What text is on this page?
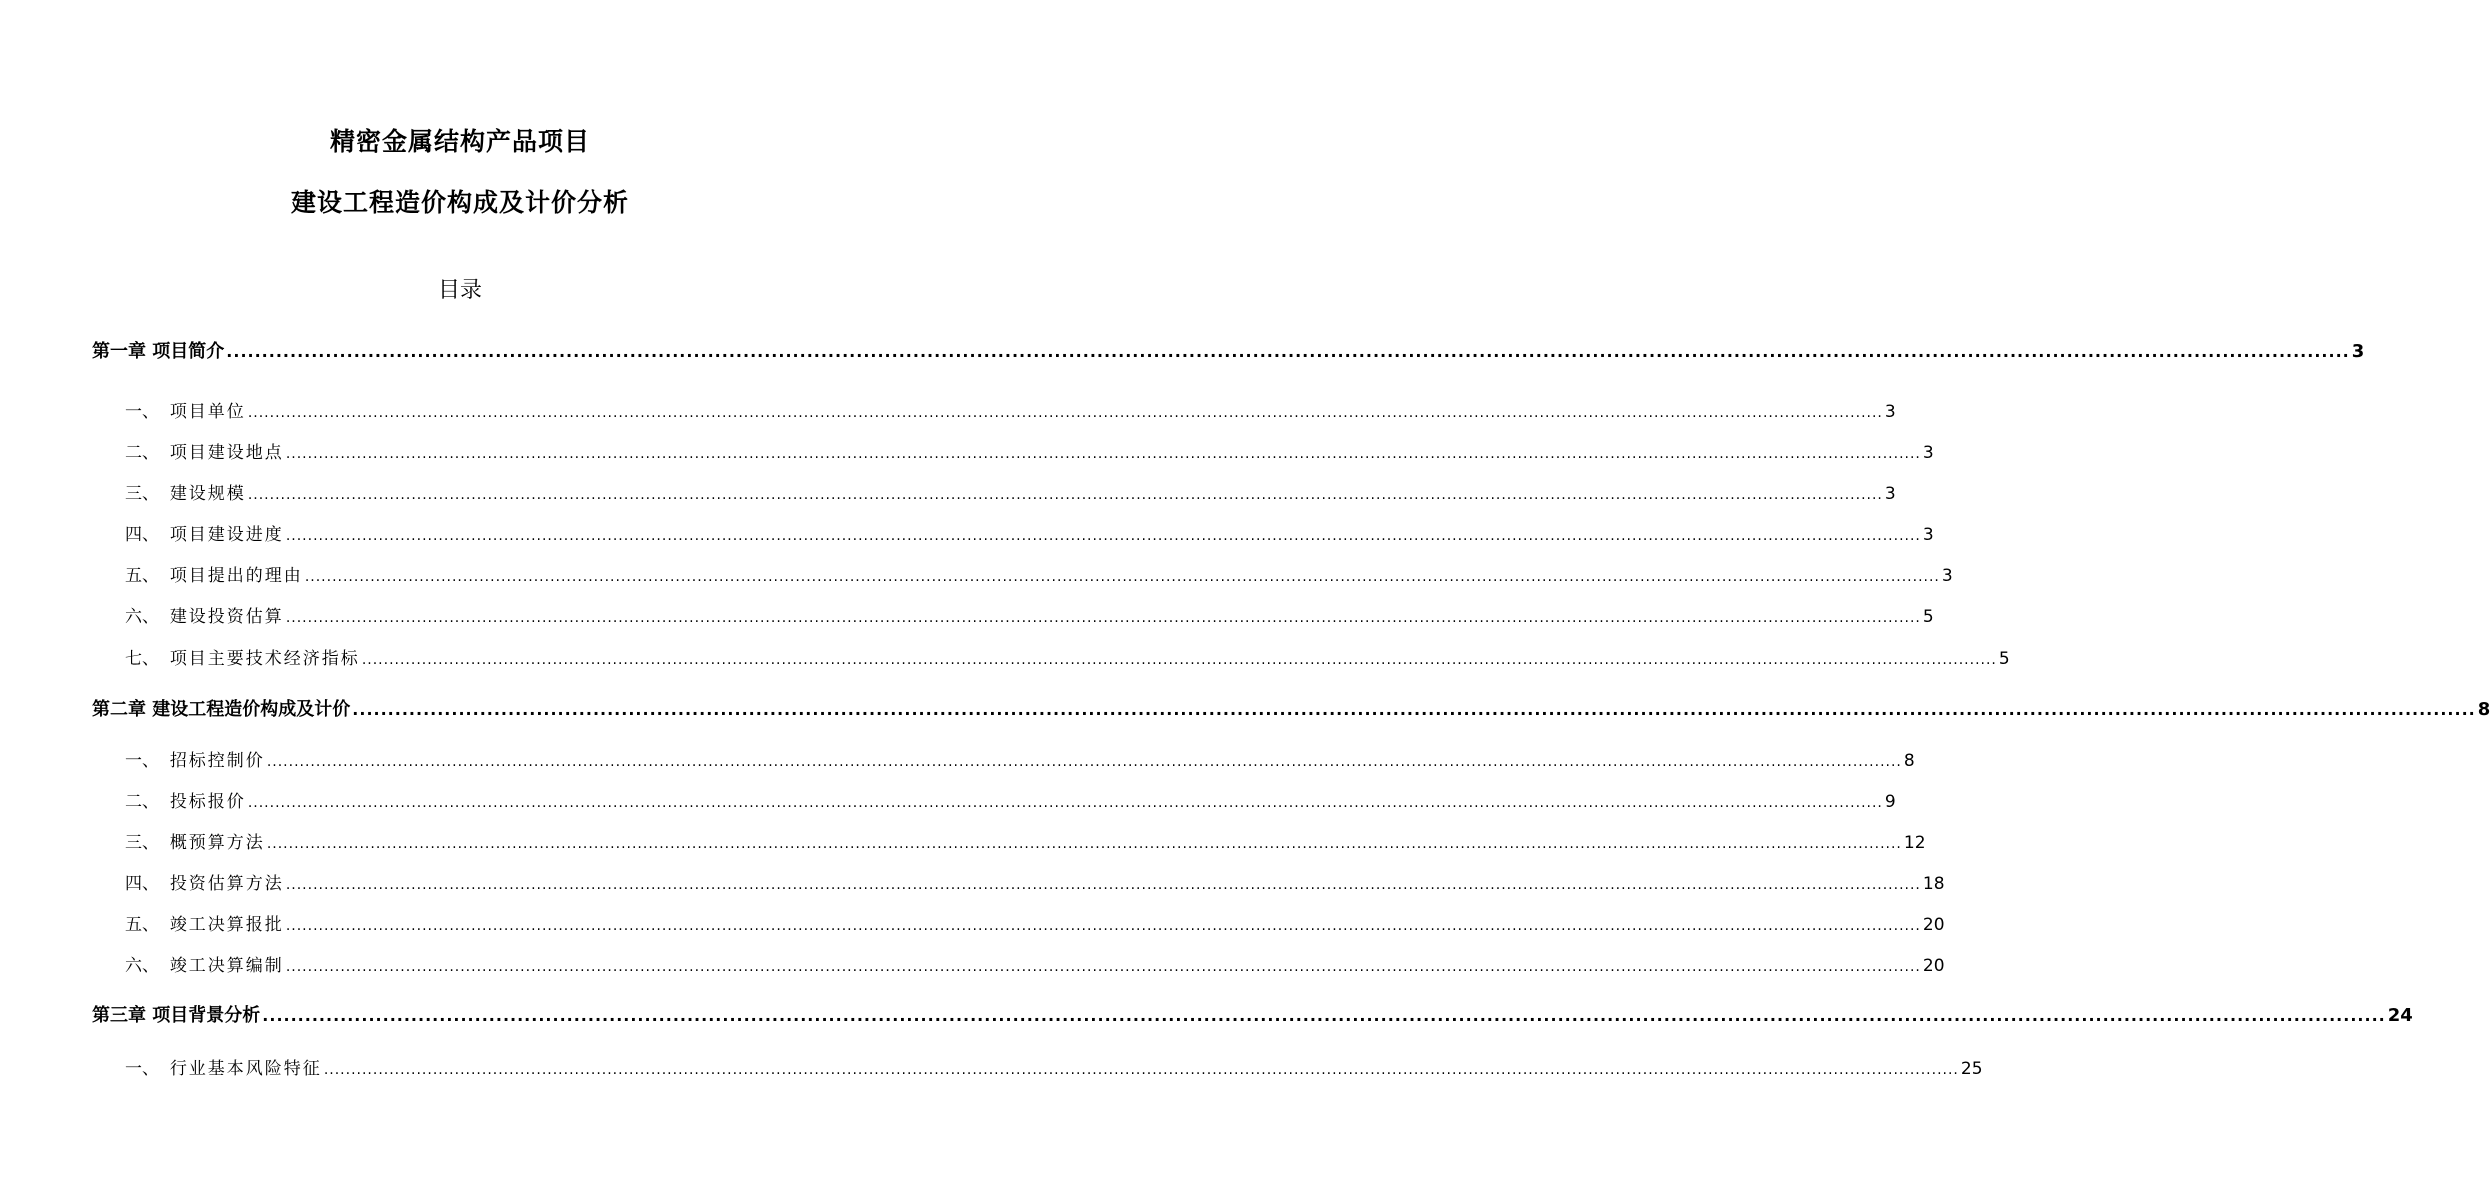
精密金属结构产品项目
建设工程造价构成及计价分析
目录
第一章 项目简介 ............................................................................................................................................................................................................................................................................................................ 3
一、 项目单位 ............................................................................................................................................................................................................................................................................................................ 3
二、 项目建设地点 ............................................................................................................................................................................................................................................................................................................ 3
三、 建设规模 ............................................................................................................................................................................................................................................................................................................ 3
四、 项目建设进度 ............................................................................................................................................................................................................................................................................................................ 3
五、 项目提出的理由 ............................................................................................................................................................................................................................................................................................................ 3
六、 建设投资估算 ............................................................................................................................................................................................................................................................................................................ 5
七、 项目主要技术经济指标 ............................................................................................................................................................................................................................................................................................................ 5
第二章 建设工程造价构成及计价 ............................................................................................................................................................................................................................................................................................................ 8
一、 招标控制价 ............................................................................................................................................................................................................................................................................................................ 8
二、 投标报价 ............................................................................................................................................................................................................................................................................................................ 9
三、 概预算方法 ............................................................................................................................................................................................................................................................................................................ 12
四、 投资估算方法 ............................................................................................................................................................................................................................................................................................................ 18
五、 竣工决算报批 ............................................................................................................................................................................................................................................................................................................ 20
六、 竣工决算编制 ............................................................................................................................................................................................................................................................................................................ 20
第三章 项目背景分析 ............................................................................................................................................................................................................................................................................................................ 24
一、 行业基本风险特征 ............................................................................................................................................................................................................................................................................................................ 25
